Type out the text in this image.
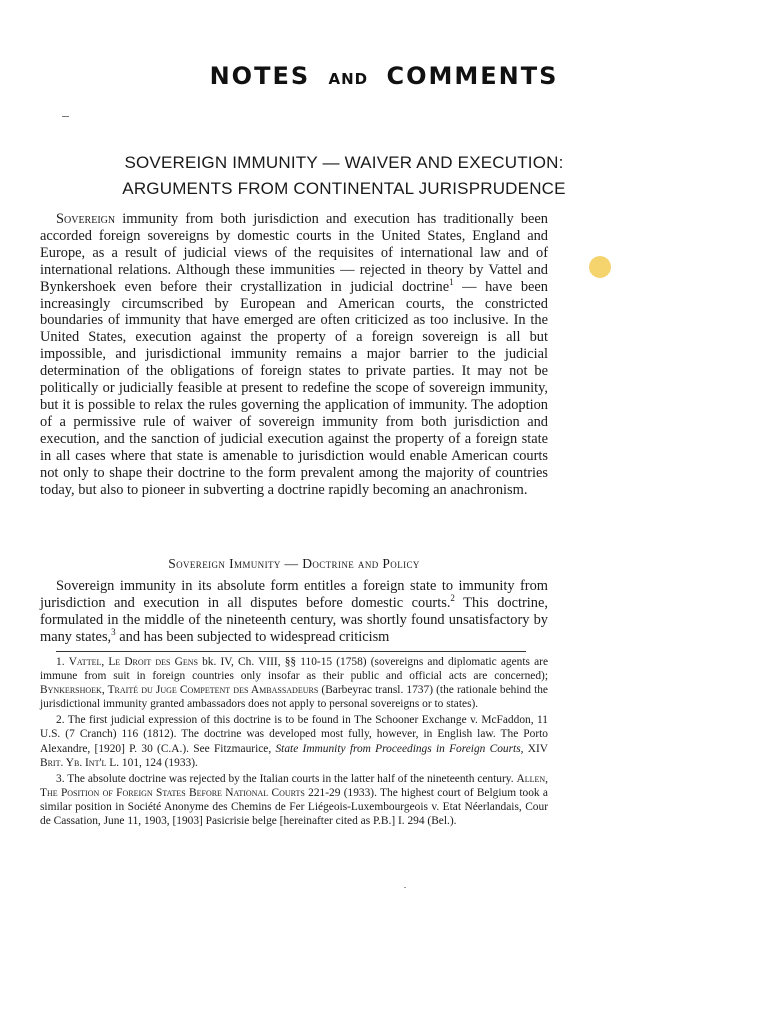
NOTES AND COMMENTS
SOVEREIGN IMMUNITY — WAIVER AND EXECUTION:
ARGUMENTS FROM CONTINENTAL JURISPRUDENCE

Sovereign immunity from both jurisdiction and execution has traditionally been accorded foreign sovereigns by domestic courts in the United States, England and Europe, as a result of judicial views of the requisites of international law and of international relations. Although these immunities — rejected in theory by Vattel and Bynkershoek even before their crystallization in judicial doctrine$^1$ — have been increasingly circumscribed by European and American courts, the constricted boundaries of immunity that have emerged are often criticized as too inclusive. In the United States, execution against the property of a foreign sovereign is all but impossible, and jurisdictional immunity remains a major barrier to the judicial determination of the obligations of foreign states to private parties. It may not be politically or judicially feasible at present to redefine the scope of sovereign immunity, but it is possible to relax the rules governing the application of immunity. The adoption of a permissive rule of waiver of sovereign immunity from both jurisdiction and execution, and the sanction of judicial execution against the property of a foreign state in all cases where that state is amenable to jurisdiction would enable American courts not only to shape their doctrine to the form prevalent among the majority of countries today, but also to pioneer in subverting a doctrine rapidly becoming an anachronism.

Sovereign Immunity — Doctrine and Policy

Sovereign immunity in its absolute form entitles a foreign state to immunity from jurisdiction and execution in all disputes before domestic courts.$^2$ This doctrine, formulated in the middle of the nineteenth century, was shortly found unsatisfactory by many states,$^3$ and has been subjected to widespread criticism

1. Vattel, Le Droit des Gens bk. IV, Ch. VIII, §§ 110-15 (1758) (sovereigns and diplomatic agents are immune from suit in foreign countries only insofar as their public and official acts are concerned); Bynkershoek, Traité du Juge Competent des Ambassadeurs (Barbeyrac transl. 1737) (the rationale behind the jurisdictional immunity granted ambassadors does not apply to personal sovereigns or to states).

2. The first judicial expression of this doctrine is to be found in The Schooner Exchange v. McFaddon, 11 U.S. (7 Cranch) 116 (1812). The doctrine was developed most fully, however, in English law. The Porto Alexandre, [1920] P. 30 (C.A.). See Fitzmaurice, State Immunity from Proceedings in Foreign Courts, XIV Brit. Yb. Int'l L. 101, 124 (1933).

3. The absolute doctrine was rejected by the Italian courts in the latter half of the nineteenth century. Allen, The Position of Foreign States Before National Courts 221-29 (1933). The highest court of Belgium took a similar position in Société Anonyme des Chemins de Fer Liégeois-Luxembourgeois v. Etat Néerlandais, Cour de Cassation, June 11, 1903, [1903] Pasicrisie belge [hereinafter cited as P.B.] I. 294 (Bel.).
